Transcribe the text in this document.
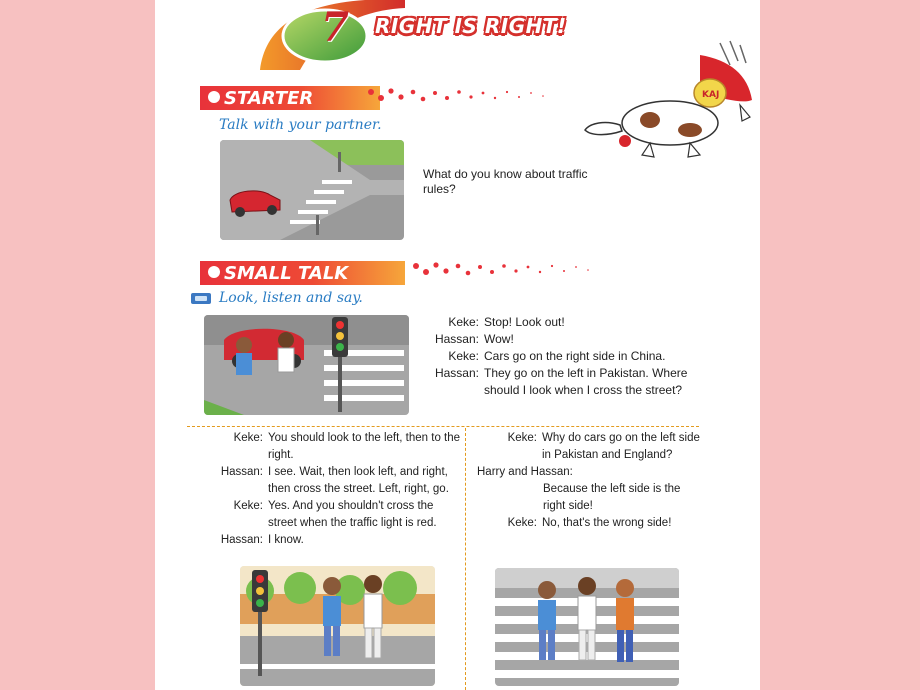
7	RIGHT IS RIGHT!
KAJ
STARTER
Talk with your partner.
What do you know about traffic rules?
SMALL TALK
Look, listen and say.
Keke: Stop! Look out!
Hassan: Wow!
Keke: Cars go on the right side in China.
Hassan: They go on the left in Pakistan. Where should I look when I cross the street?
Keke: You should look to the left, then to the right.
Hassan: I see. Wait, then look left, and right, then cross the street. Left, right, go.
Keke: Yes. And you shouldn't cross the street when the traffic light is red.
Hassan: I know.
Keke: Why do cars go on the left side in Pakistan and England?
Harry and Hassan:
Because the left side is the right side!
Keke: No, that's the wrong side!
